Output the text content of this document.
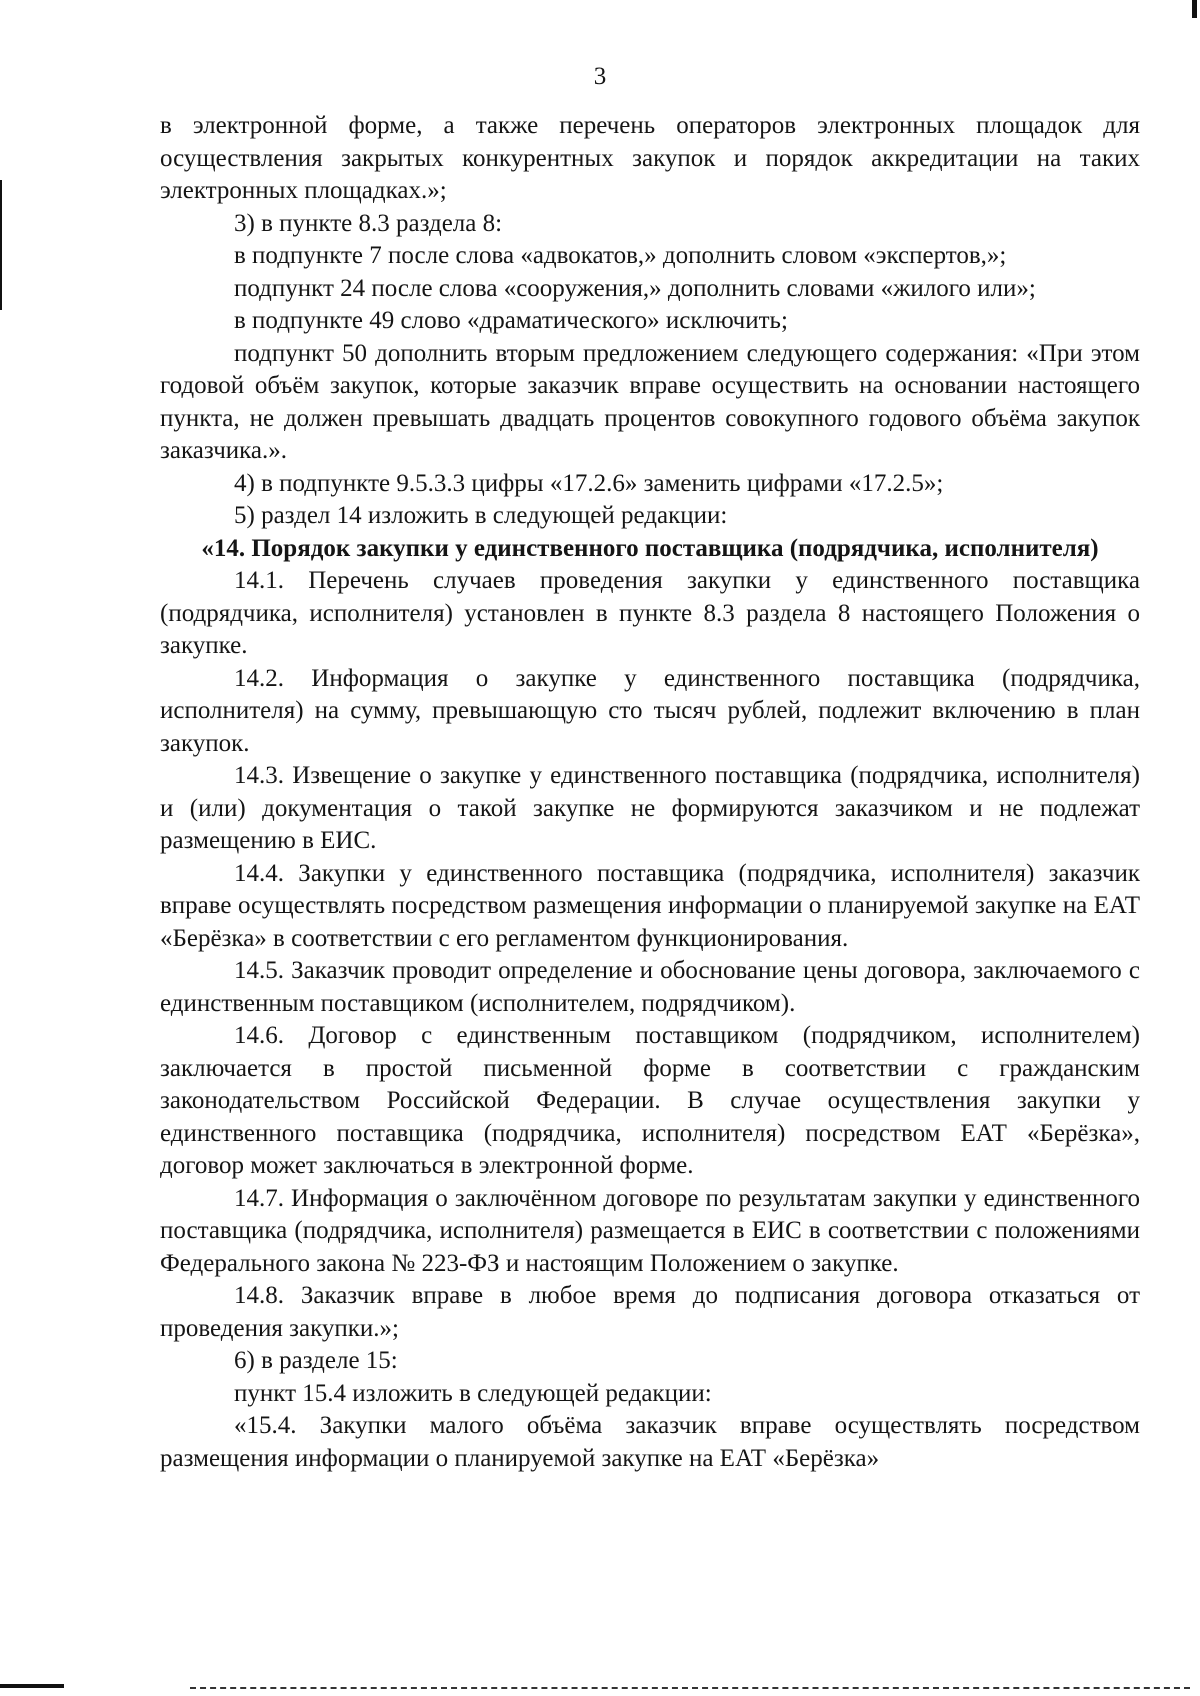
3

в электронной форме, а также перечень операторов электронных площадок для осуществления закрытых конкурентных закупок и порядок аккредитации на таких электронных площадках.»;

3) в пункте 8.3 раздела 8:

в подпункте 7 после слова «адвокатов,» дополнить словом «экспертов,»;

подпункт 24 после слова «сооружения,» дополнить словами «жилого или»;

в подпункте 49 слово «драматического» исключить;

подпункт 50 дополнить вторым предложением следующего содержания: «При этом годовой объём закупок, которые заказчик вправе осуществить на основании настоящего пункта, не должен превышать двадцать процентов совокупного годового объёма закупок заказчика.».

4) в подпункте 9.5.3.3 цифры «17.2.6» заменить цифрами «17.2.5»;

5) раздел 14 изложить в следующей редакции:

«14. Порядок закупки у единственного поставщика (подрядчика, исполнителя)

14.1. Перечень случаев проведения закупки у единственного поставщика (подрядчика, исполнителя) установлен в пункте 8.3 раздела 8 настоящего Положения о закупке.

14.2. Информация о закупке у единственного поставщика (подрядчика, исполнителя) на сумму, превышающую сто тысяч рублей, подлежит включению в план закупок.

14.3. Извещение о закупке у единственного поставщика (подрядчика, исполнителя) и (или) документация о такой закупке не формируются заказчиком и не подлежат размещению в ЕИС.

14.4. Закупки у единственного поставщика (подрядчика, исполнителя) заказчик вправе осуществлять посредством размещения информации о планируемой закупке на ЕАТ «Берёзка» в соответствии с его регламентом функционирования.

14.5. Заказчик проводит определение и обоснование цены договора, заключаемого с единственным поставщиком (исполнителем, подрядчиком).

14.6. Договор с единственным поставщиком (подрядчиком, исполнителем) заключается в простой письменной форме в соответствии с гражданским законодательством Российской Федерации. В случае осуществления закупки у единственного поставщика (подрядчика, исполнителя) посредством ЕАТ «Берёзка», договор может заключаться в электронной форме.

14.7. Информация о заключённом договоре по результатам закупки у единственного поставщика (подрядчика, исполнителя) размещается в ЕИС в соответствии с положениями Федерального закона № 223-ФЗ и настоящим Положением о закупке.

14.8. Заказчик вправе в любое время до подписания договора отказаться от проведения закупки.»;

6) в разделе 15:

пункт 15.4 изложить в следующей редакции:

«15.4. Закупки малого объёма заказчик вправе осуществлять посредством размещения информации о планируемой закупке на ЕАТ «Берёзка»
